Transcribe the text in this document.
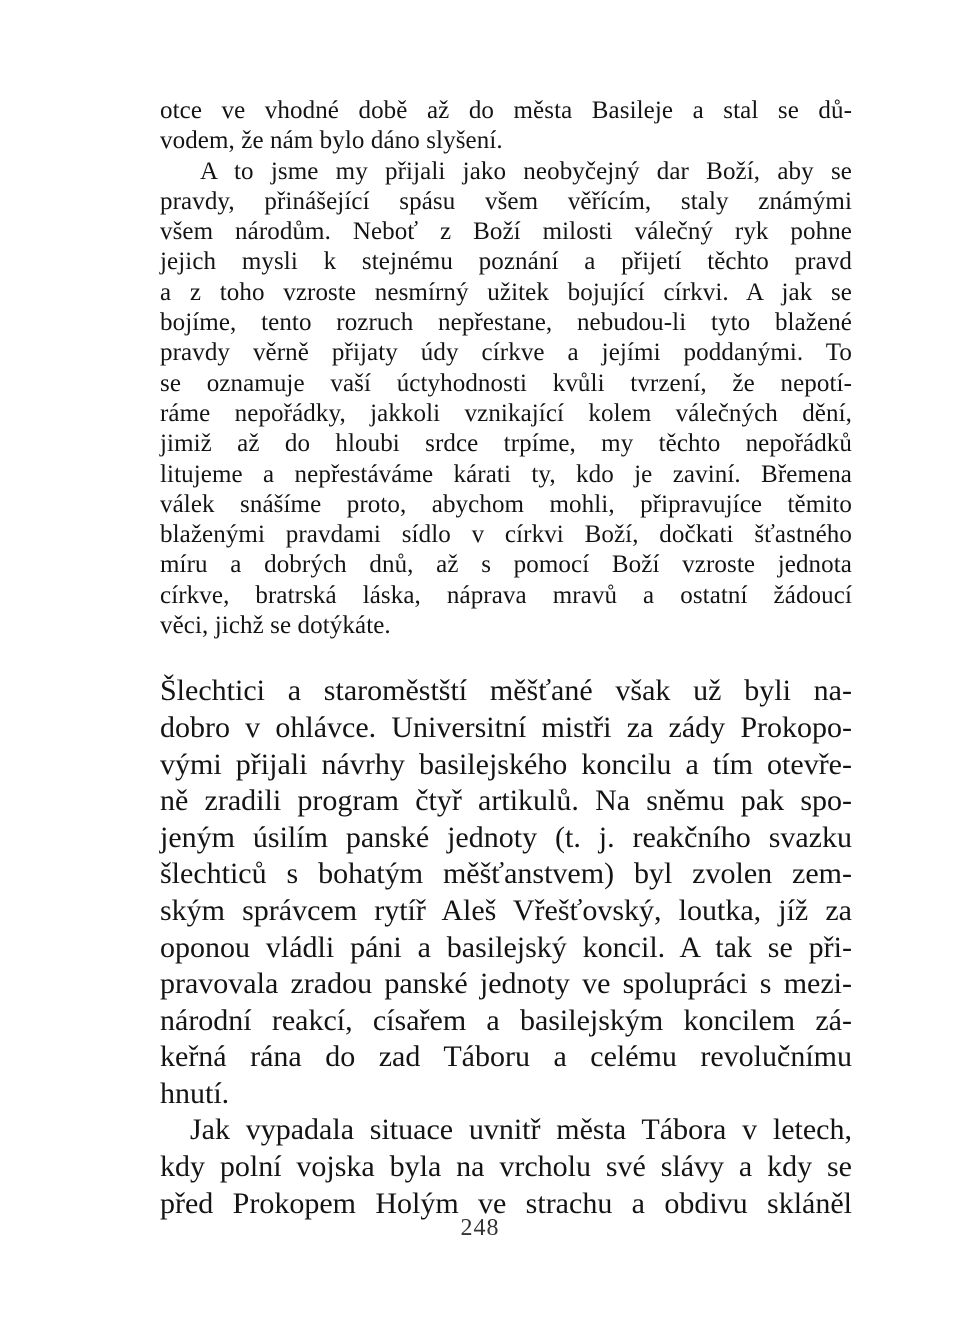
otce ve vhodné době až do města Basileje a stal se dů-
vodem, že nám bylo dáno slyšení.
A to jsme my přijali jako neobyčejný dar Boží, aby se
pravdy, přinášející spásu všem věřícím, staly známými
všem národům. Neboť z Boží milosti válečný ryk pohne
jejich mysli k stejnému poznání a přijetí těchto pravd
a z toho vzroste nesmírný užitek bojující církvi. A jak se
bojíme, tento rozruch nepřestane, nebudou-li tyto blažené
pravdy věrně přijaty údy církve a jejími poddanými. To
se oznamuje vaší úctyhodnosti kvůli tvrzení, že nepotí-
ráme nepořádky, jakkoli vznikající kolem válečných dění,
jimiž až do hloubi srdce trpíme, my těchto nepořádků
litujeme a nepřestáváme kárati ty, kdo je zaviní. Břemena
válek snášíme proto, abychom mohli, připravujíce těmito
blaženými pravdami sídlo v církvi Boží, dočkati šťastného
míru a dobrých dnů, až s pomocí Boží vzroste jednota
církve, bratrská láska, náprava mravů a ostatní žádoucí
věci, jichž se dotýkáte.
Šlechtici a staroměstští měšťané však už byli na-
dobro v ohlávce. Universitní mistři za zády Prokopo-
vými přijali návrhy basilejského koncilu a tím otevře-
ně zradili program čtyř artikulů. Na sněmu pak spo-
jeným úsilím panské jednoty (t. j. reakčního svazku
šlechticů s bohatým měšťanstvem) byl zvolen zem-
ským správcem rytíř Aleš Vřešťovský, loutka, jíž za
oponou vládli páni a basilejský koncil. A tak se při-
pravovala zradou panské jednoty ve spolupráci s mezi-
národní reakcí, císařem a basilejským koncilem zá-
keřná rána do zad Táboru a celému revolučnímu
hnutí.
Jak vypadala situace uvnitř města Tábora v letech,
kdy polní vojska byla na vrcholu své slávy a kdy se
před Prokopem Holým ve strachu a obdivu skláněl
248
